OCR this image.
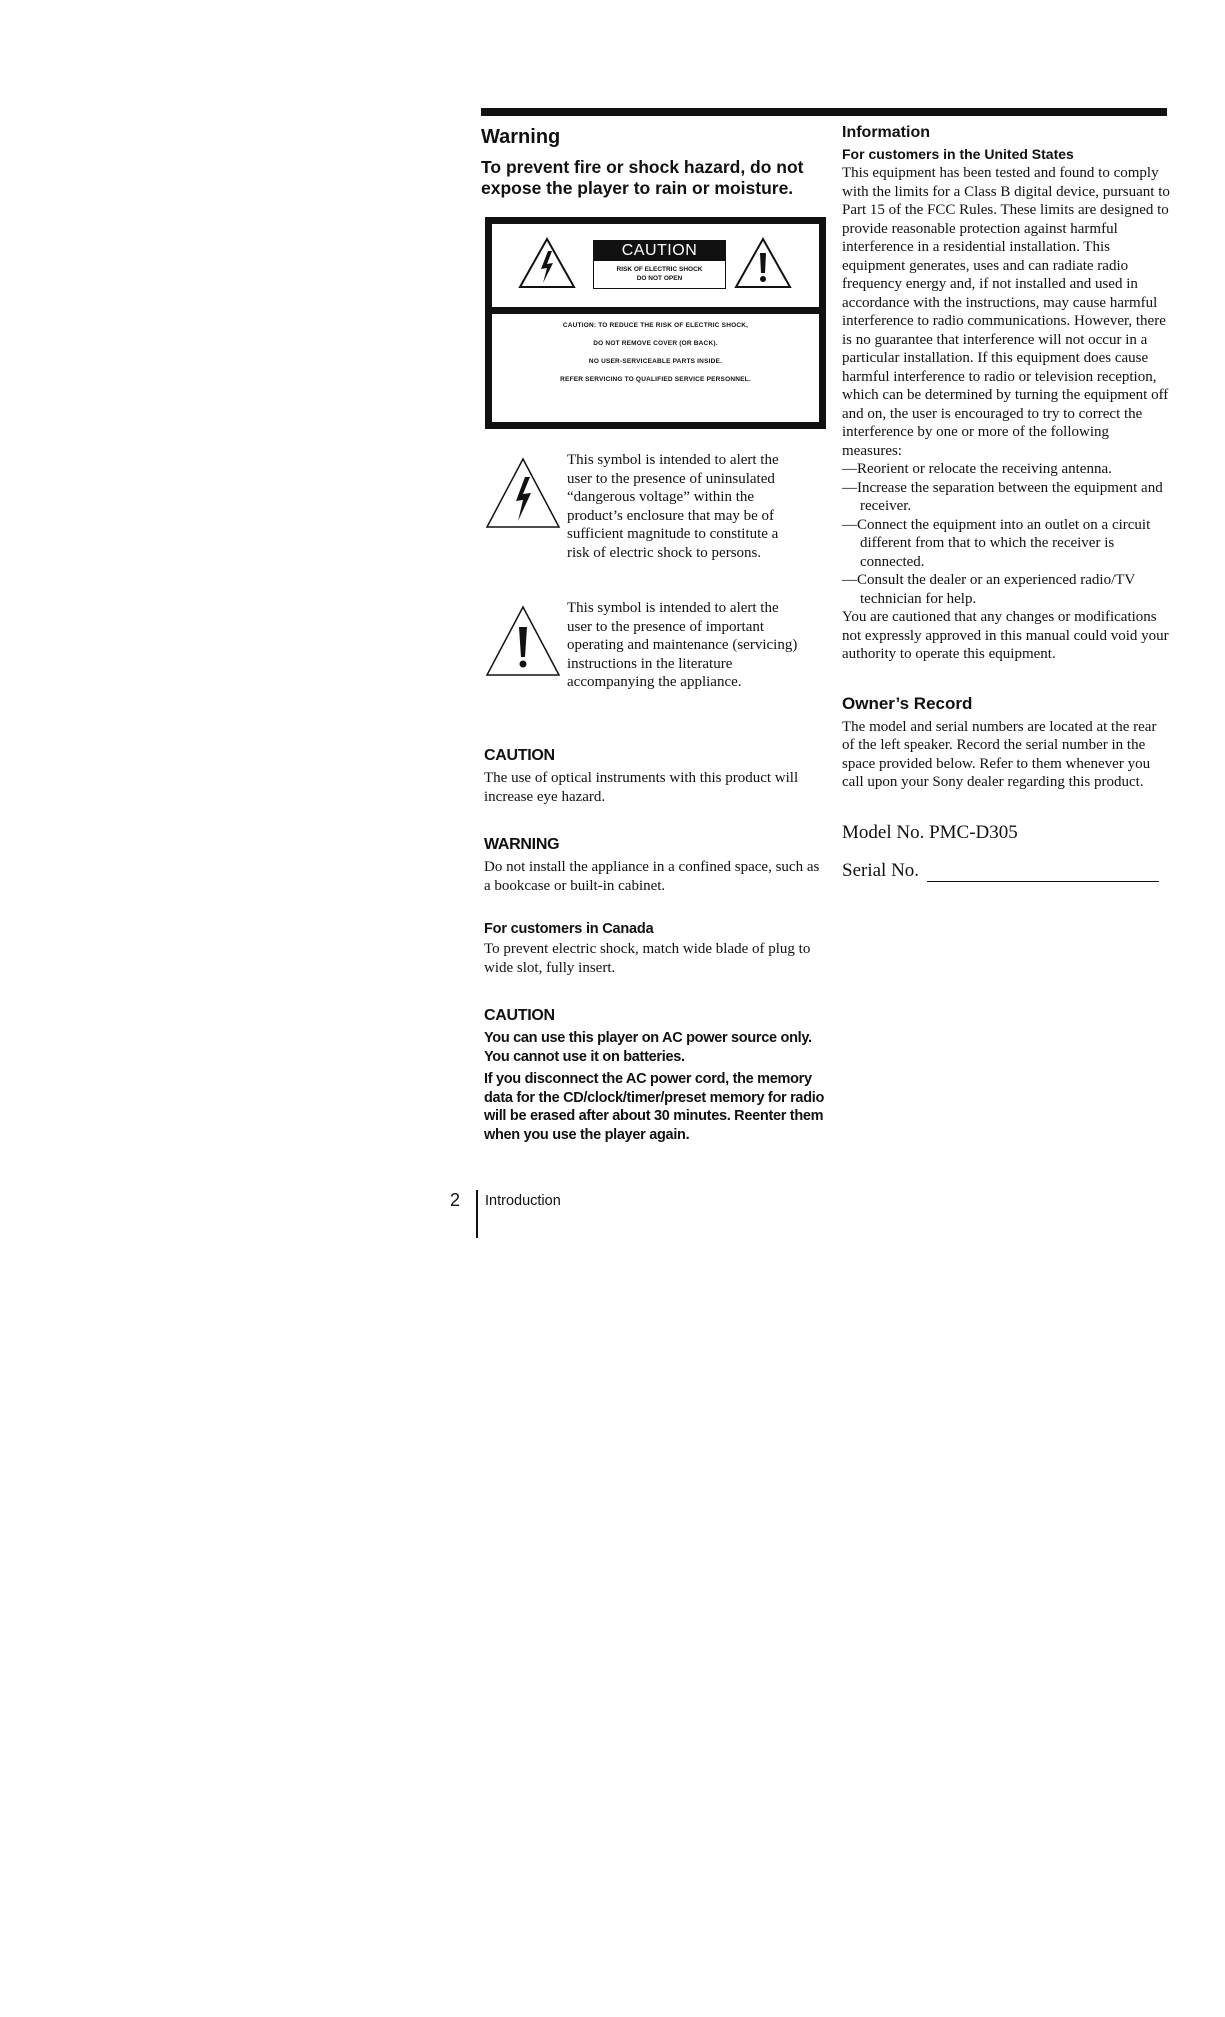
Warning
To prevent fire or shock hazard, do not expose the player to rain or moisture.
CAUTION
RISK OF ELECTRIC SHOCK
DO NOT OPEN
CAUTION: TO REDUCE THE RISK OF ELECTRIC SHOCK,
DO NOT REMOVE COVER (OR BACK).
NO USER-SERVICEABLE PARTS INSIDE.
REFER SERVICING TO QUALIFIED SERVICE PERSONNEL.
This symbol is intended to alert the user to the presence of uninsulated “dangerous voltage” within the product’s enclosure that may be of sufficient magnitude to constitute a risk of electric shock to persons.
This symbol is intended to alert the user to the presence of important operating and maintenance (servicing) instructions in the literature accompanying the appliance.
CAUTION

The use of optical instruments with this product will increase eye hazard.

WARNING

Do not install the appliance in a confined space, such as a bookcase or built-in cabinet.

For customers in Canada

To prevent electric shock, match wide blade of plug to wide slot, fully insert.

CAUTION

You can use this player on AC power source only. You cannot use it on batteries.

If you disconnect the AC power cord, the memory data for the CD/clock/timer/preset memory for radio will be erased after about 30 minutes. Reenter them when you use the player again.

Information
For customers in the United States

This equipment has been tested and found to comply with the limits for a Class B digital device, pursuant to Part 15 of the FCC Rules. These limits are designed to provide reasonable protection against harmful interference in a residential installation. This equipment generates, uses and can radiate radio frequency energy and, if not installed and used in accordance with the instructions, may cause harmful interference to radio communications. However, there is no guarantee that interference will not occur in a particular installation. If this equipment does cause harmful interference to radio or television reception, which can be determined by turning the equipment off and on, the user is encouraged to try to correct the interference by one or more of the following measures:

—Reorient or relocate the receiving antenna.
—Increase the separation between the equipment and receiver.
—Connect the equipment into an outlet on a circuit different from that to which the receiver is connected.
—Consult the dealer or an experienced radio/TV technician for help.

You are cautioned that any changes or modifications not expressly approved in this manual could void your authority to operate this equipment.

Owner’s Record

The model and serial numbers are located at the rear of the left speaker. Record the serial number in the space provided below. Refer to them whenever you call upon your Sony dealer regarding this product.

Model No. PMC-D305
Serial No.
2 Introduction
